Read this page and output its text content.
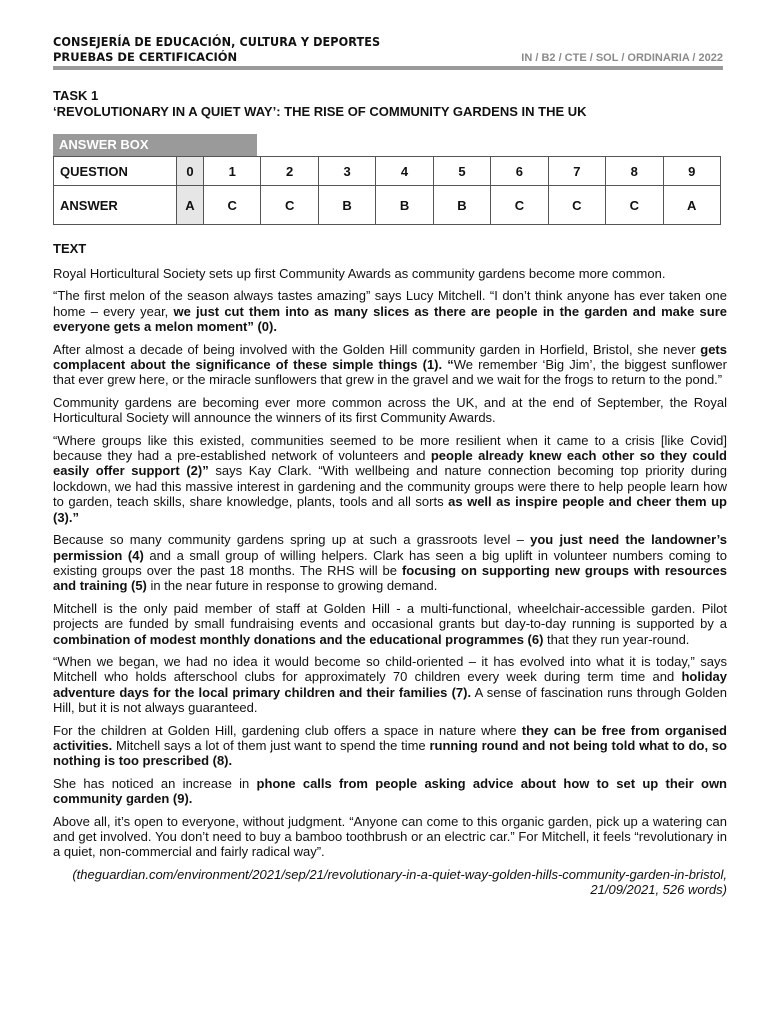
CONSEJERÍA DE EDUCACIÓN, CULTURA Y DEPORTES
PRUEBAS DE CERTIFICACIÓN	IN / B2 / CTE / SOL / ORDINARIA / 2022
TASK 1
‘REVOLUTIONARY IN A QUIET WAY’: THE RISE OF COMMUNITY GARDENS IN THE UK
ANSWER BOX
QUESTION	0	1	2	3	4	5	6	7	8	9
ANSWER	A	C	C	B	B	B	C	C	C	A
TEXT

Royal Horticultural Society sets up first Community Awards as community gardens become more common.

“The first melon of the season always tastes amazing” says Lucy Mitchell. “I don’t think anyone has ever taken one home – every year, we just cut them into as many slices as there are people in the garden and make sure everyone gets a melon moment” (0).

After almost a decade of being involved with the Golden Hill community garden in Horfield, Bristol, she never gets complacent about the significance of these simple things (1). “We remember ‘Big Jim’, the biggest sunflower that ever grew here, or the miracle sunflowers that grew in the gravel and we wait for the frogs to return to the pond.”

Community gardens are becoming ever more common across the UK, and at the end of September, the Royal Horticultural Society will announce the winners of its first Community Awards.

“Where groups like this existed, communities seemed to be more resilient when it came to a crisis [like Covid] because they had a pre-established network of volunteers and people already knew each other so they could easily offer support (2)” says Kay Clark. “With wellbeing and nature connection becoming top priority during lockdown, we had this massive interest in gardening and the community groups were there to help people learn how to garden, teach skills, share knowledge, plants, tools and all sorts as well as inspire people and cheer them up (3).”

Because so many community gardens spring up at such a grassroots level – you just need the landowner’s permission (4) and a small group of willing helpers. Clark has seen a big uplift in volunteer numbers coming to existing groups over the past 18 months. The RHS will be focusing on supporting new groups with resources and training (5) in the near future in response to growing demand.

Mitchell is the only paid member of staff at Golden Hill - a multi-functional, wheelchair-accessible garden. Pilot projects are funded by small fundraising events and occasional grants but day-to-day running is supported by a combination of modest monthly donations and the educational programmes (6) that they run year-round.

“When we began, we had no idea it would become so child-oriented – it has evolved into what it is today,” says Mitchell who holds afterschool clubs for approximately 70 children every week during term time and holiday adventure days for the local primary children and their families (7). A sense of fascination runs through Golden Hill, but it is not always guaranteed.

For the children at Golden Hill, gardening club offers a space in nature where they can be free from organised activities. Mitchell says a lot of them just want to spend the time running round and not being told what to do, so nothing is too prescribed (8).

She has noticed an increase in phone calls from people asking advice about how to set up their own community garden (9).

Above all, it’s open to everyone, without judgment. “Anyone can come to this organic garden, pick up a watering can and get involved. You don’t need to buy a bamboo toothbrush or an electric car.” For Mitchell, it feels “revolutionary in a quiet, non-commercial and fairly radical way”.

(theguardian.com/environment/2021/sep/21/revolutionary-in-a-quiet-way-golden-hills-community-garden-in-bristol, 21/09/2021, 526 words)
